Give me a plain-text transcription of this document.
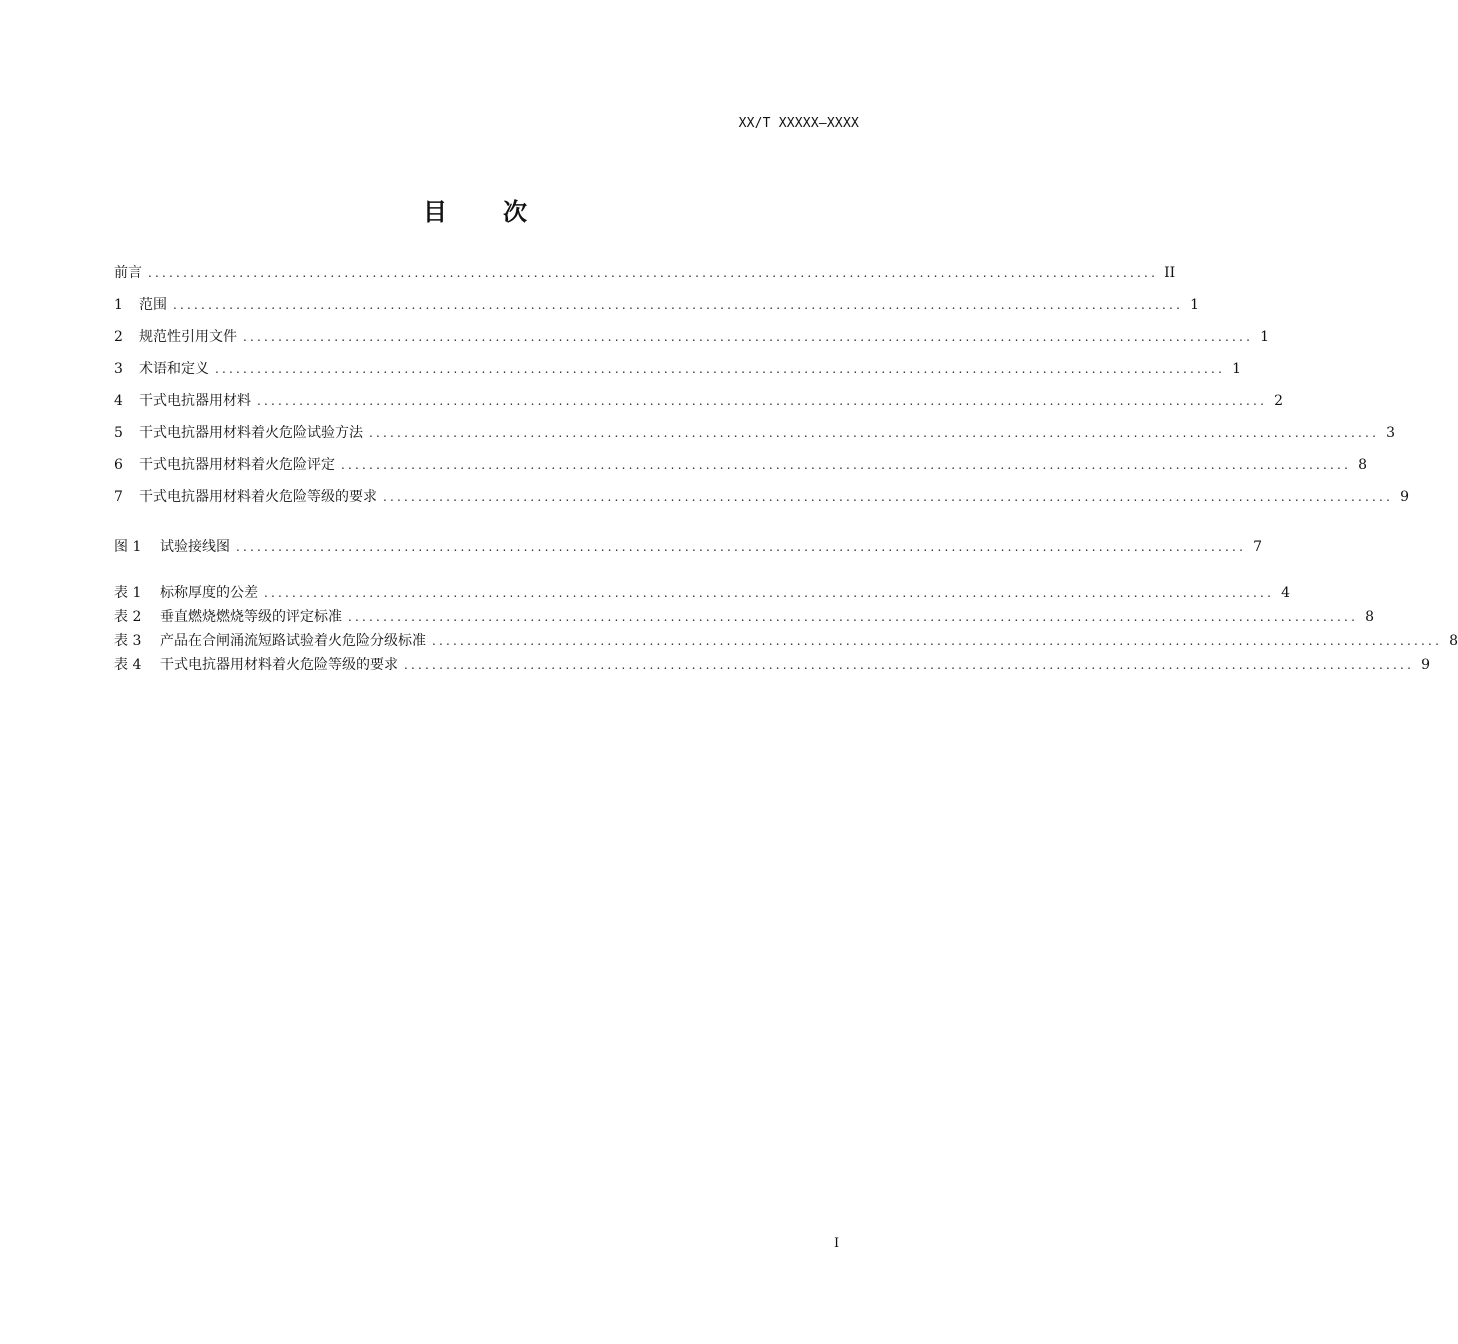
XX/T XXXXX—XXXX
目 次
前言 ................................................................................................................................................ II
1	范围 ................................................................................................................................................ 1
2	规范性引用文件 ................................................................................................................................................ 1
3	术语和定义 ................................................................................................................................................ 1
4	干式电抗器用材料 ................................................................................................................................................ 2
5	干式电抗器用材料着火危险试验方法 ................................................................................................................................................ 3
6	干式电抗器用材料着火危险评定 ................................................................................................................................................ 8
7	干式电抗器用材料着火危险等级的要求 ................................................................................................................................................ 9
图 1	试验接线图 ................................................................................................................................................ 7
表 1	标称厚度的公差 ................................................................................................................................................ 4
表 2	垂直燃烧燃烧等级的评定标准 ................................................................................................................................................ 8
表 3	产品在合闸涌流短路试验着火危险分级标准 ................................................................................................................................................ 8
表 4	干式电抗器用材料着火危险等级的要求 ................................................................................................................................................ 9
I
